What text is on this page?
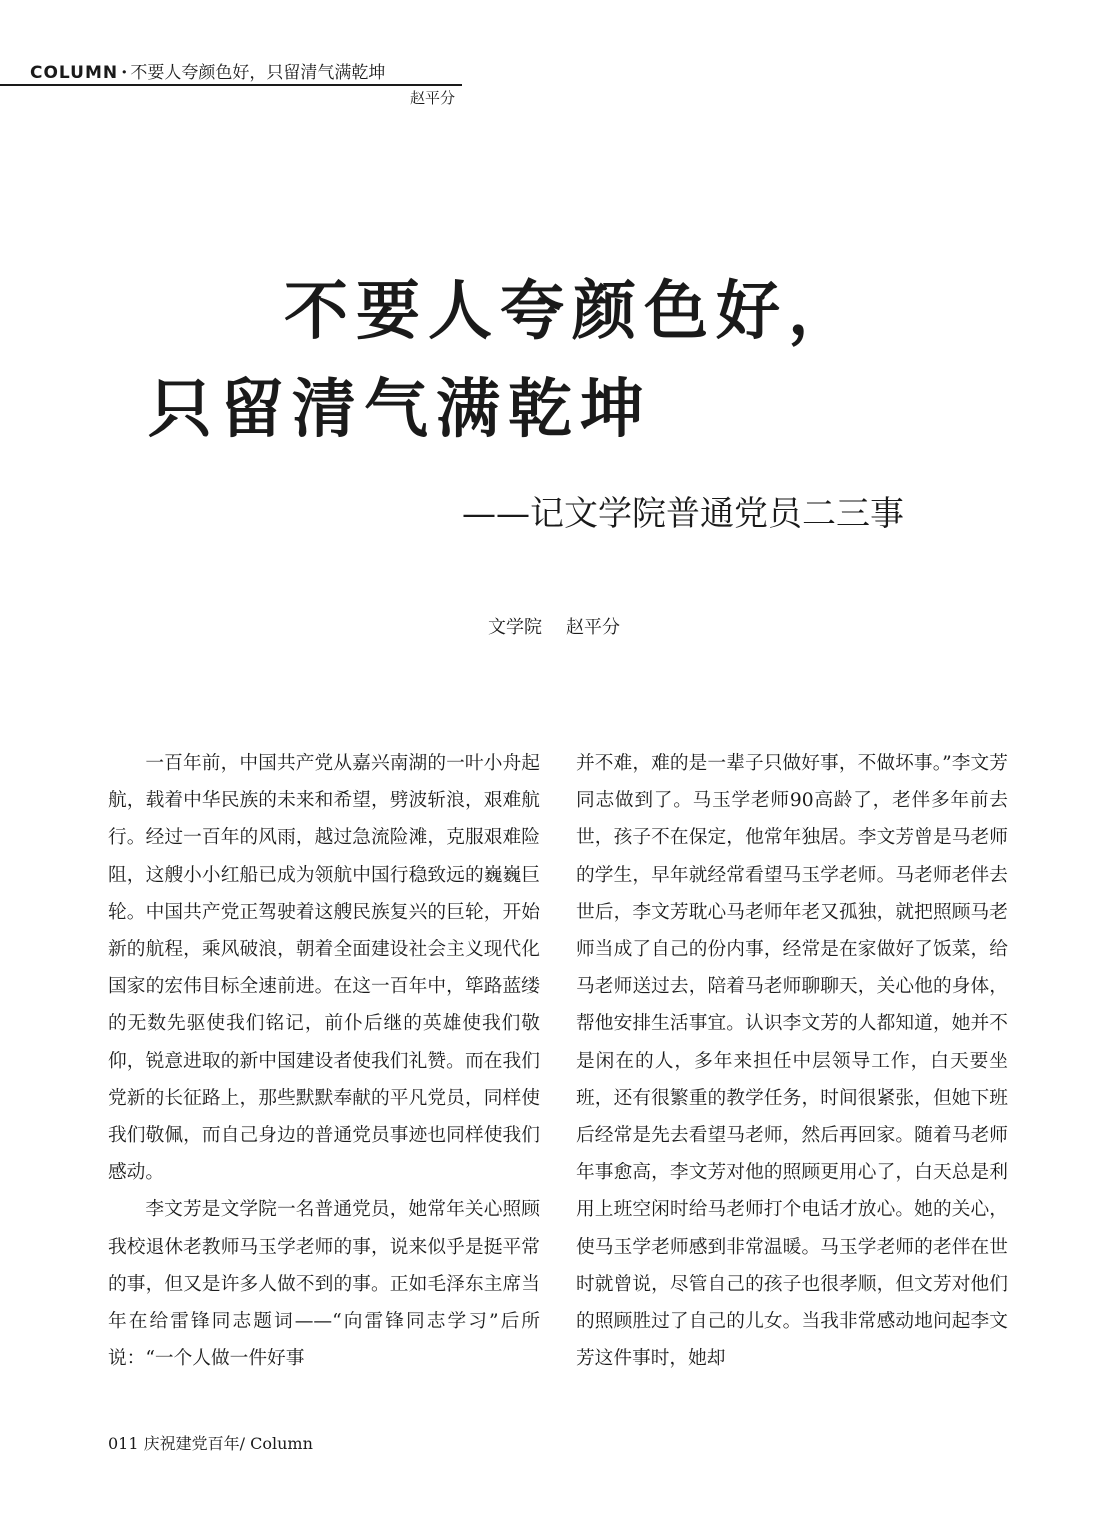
COLUMN · 不要人夸颜色好，只留清气满乾坤
赵平分
不要人夸颜色好，
只留清气满乾坤
——记文学院普通党员二三事
文学院 赵平分

一百年前，中国共产党从嘉兴南湖的一叶小舟起航，载着中华民族的未来和希望，劈波斩浪，艰难航行。经过一百年的风雨，越过急流险滩，克服艰难险阻，这艘小小红船已成为领航中国行稳致远的巍巍巨轮。中国共产党正驾驶着这艘民族复兴的巨轮，开始新的航程，乘风破浪，朝着全面建设社会主义现代化国家的宏伟目标全速前进。在这一百年中，筚路蓝缕的无数先驱使我们铭记，前仆后继的英雄使我们敬仰，锐意进取的新中国建设者使我们礼赞。而在我们党新的长征路上，那些默默奉献的平凡党员，同样使我们敬佩，而自己身边的普通党员事迹也同样使我们感动。

李文芳是文学院一名普通党员，她常年关心照顾我校退休老教师马玉学老师的事，说来似乎是挺平常的事，但又是许多人做不到的事。正如毛泽东主席当年在给雷锋同志题词——“向雷锋同志学习”后所说：“一个人做一件好事

并不难，难的是一辈子只做好事，不做坏事。”李文芳同志做到了。马玉学老师90高龄了，老伴多年前去世，孩子不在保定，他常年独居。李文芳曾是马老师的学生，早年就经常看望马玉学老师。马老师老伴去世后，李文芳耽心马老师年老又孤独，就把照顾马老师当成了自己的份内事，经常是在家做好了饭菜，给马老师送过去，陪着马老师聊聊天，关心他的身体，帮他安排生活事宜。认识李文芳的人都知道，她并不是闲在的人，多年来担任中层领导工作，白天要坐班，还有很繁重的教学任务，时间很紧张，但她下班后经常是先去看望马老师，然后再回家。随着马老师年事愈高，李文芳对他的照顾更用心了，白天总是利用上班空闲时给马老师打个电话才放心。她的关心，使马玉学老师感到非常温暖。马玉学老师的老伴在世时就曾说，尽管自己的孩子也很孝顺，但文芳对他们的照顾胜过了自己的儿女。当我非常感动地问起李文芳这件事时，她却

011 庆祝建党百年/ Column
